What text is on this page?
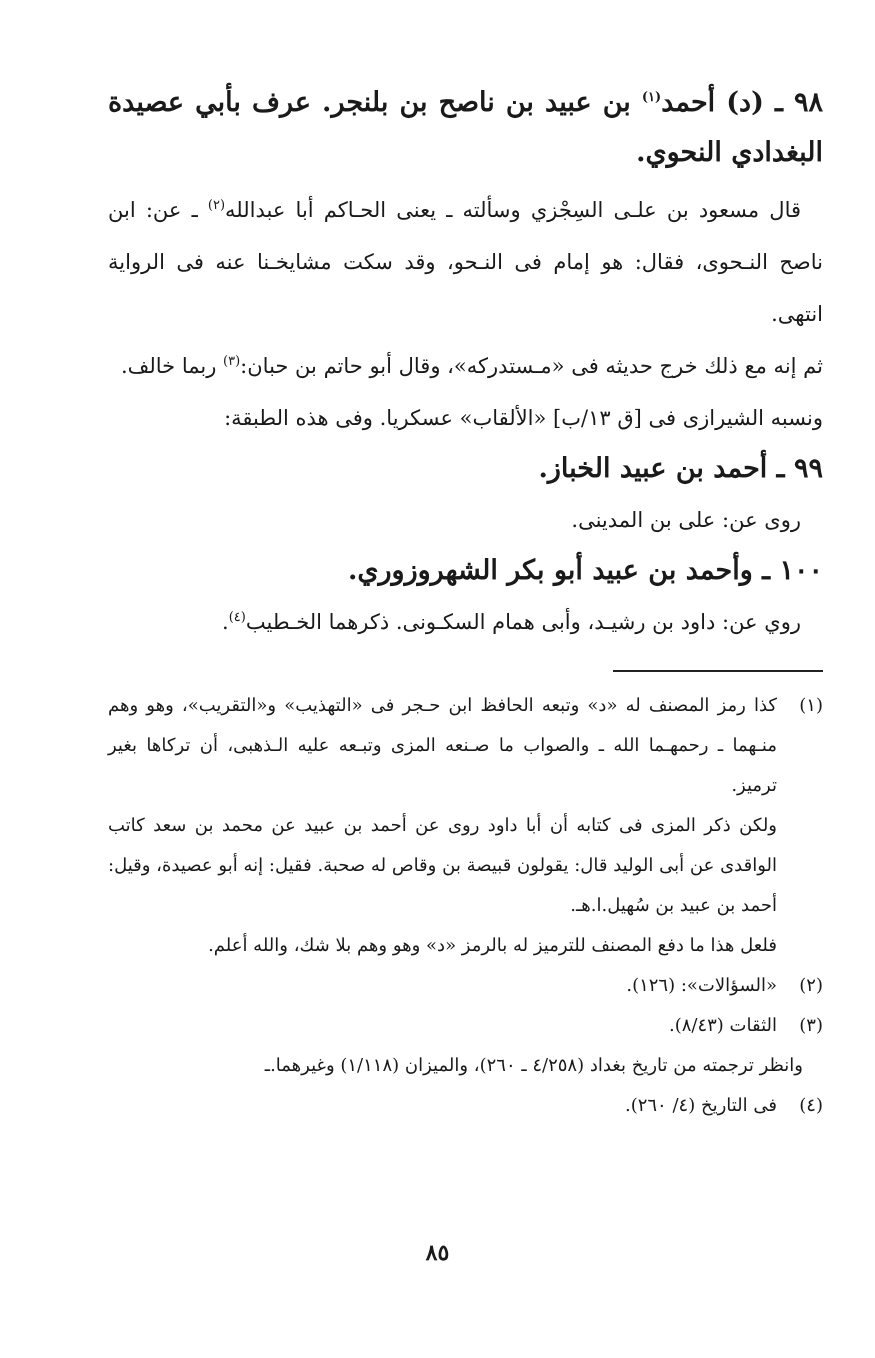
٩٨ ـ (د) أحمد$^{(١)}$ بن عبيد بن ناصح بن بلنجر. عرف بأبي عصيدة البغدادي النحوي.

قال مسعود بن علـى السِجْزي وسألته ـ يعنى الحـاكم أبا عبدالله$^{(٢)}$ ـ عن: ابن ناصح النـحوى، فقال: هو إمام فى النـحو، وقد سكت مشايخـنا عنه فى الرواية انتهى.

ثم إنه مع ذلك خرج حديثه فى «مـستدركه»، وقال أبو حاتم بن حبان:$^{(٣)}$ ربما خالف.

ونسبه الشيرازى فى [ق ١٣/ب] «الألقاب» عسكريا. وفى هذه الطبقة:

٩٩ ـ أحمد بن عبيد الخباز.

روى عن: على بن المدينى.

١٠٠ ـ وأحمد بن عبيد أبو بكر الشهروزوري.

روي عن: داود بن رشيـد، وأبى همام السكـونى. ذكرهما الخـطيب$^{(٤)}$.

(١)
كذا رمز المصنف له «د» وتبعه الحافظ ابن حـجر فى «التهذيب» و«التقريب»، وهو وهم منـهما ـ رحمهـما الله ـ والصواب ما صـنعه المزى وتبـعه عليه الـذهبى، أن تركاها بغير ترميز.

ولكن ذكر المزى فى كتابه أن أبا داود روى عن أحمد بن عبيد عن محمد بن سعد كاتب الواقدى عن أبى الوليد قال: يقولون قبيصة بن وقاص له صحبة. فقيل: إنه أبو عصيدة، وقيل: أحمد بن عبيد بن سُهيل.ا.هـ.

فلعل هذا ما دفع المصنف للترميز له بالرمز «د» وهو وهم بلا شك، والله أعلم.

(٢)
«السؤالات»: (١٢٦).
(٣)
الثقات (٨/٤٣).

وانظر ترجمته من تاريخ بغداد (٤/٢٥٨ ـ ٢٦٠)، والميزان (١/١١٨) وغيرهما.ـ

(٤)
فى التاريخ (٤/ ٢٦٠).
٨٥
